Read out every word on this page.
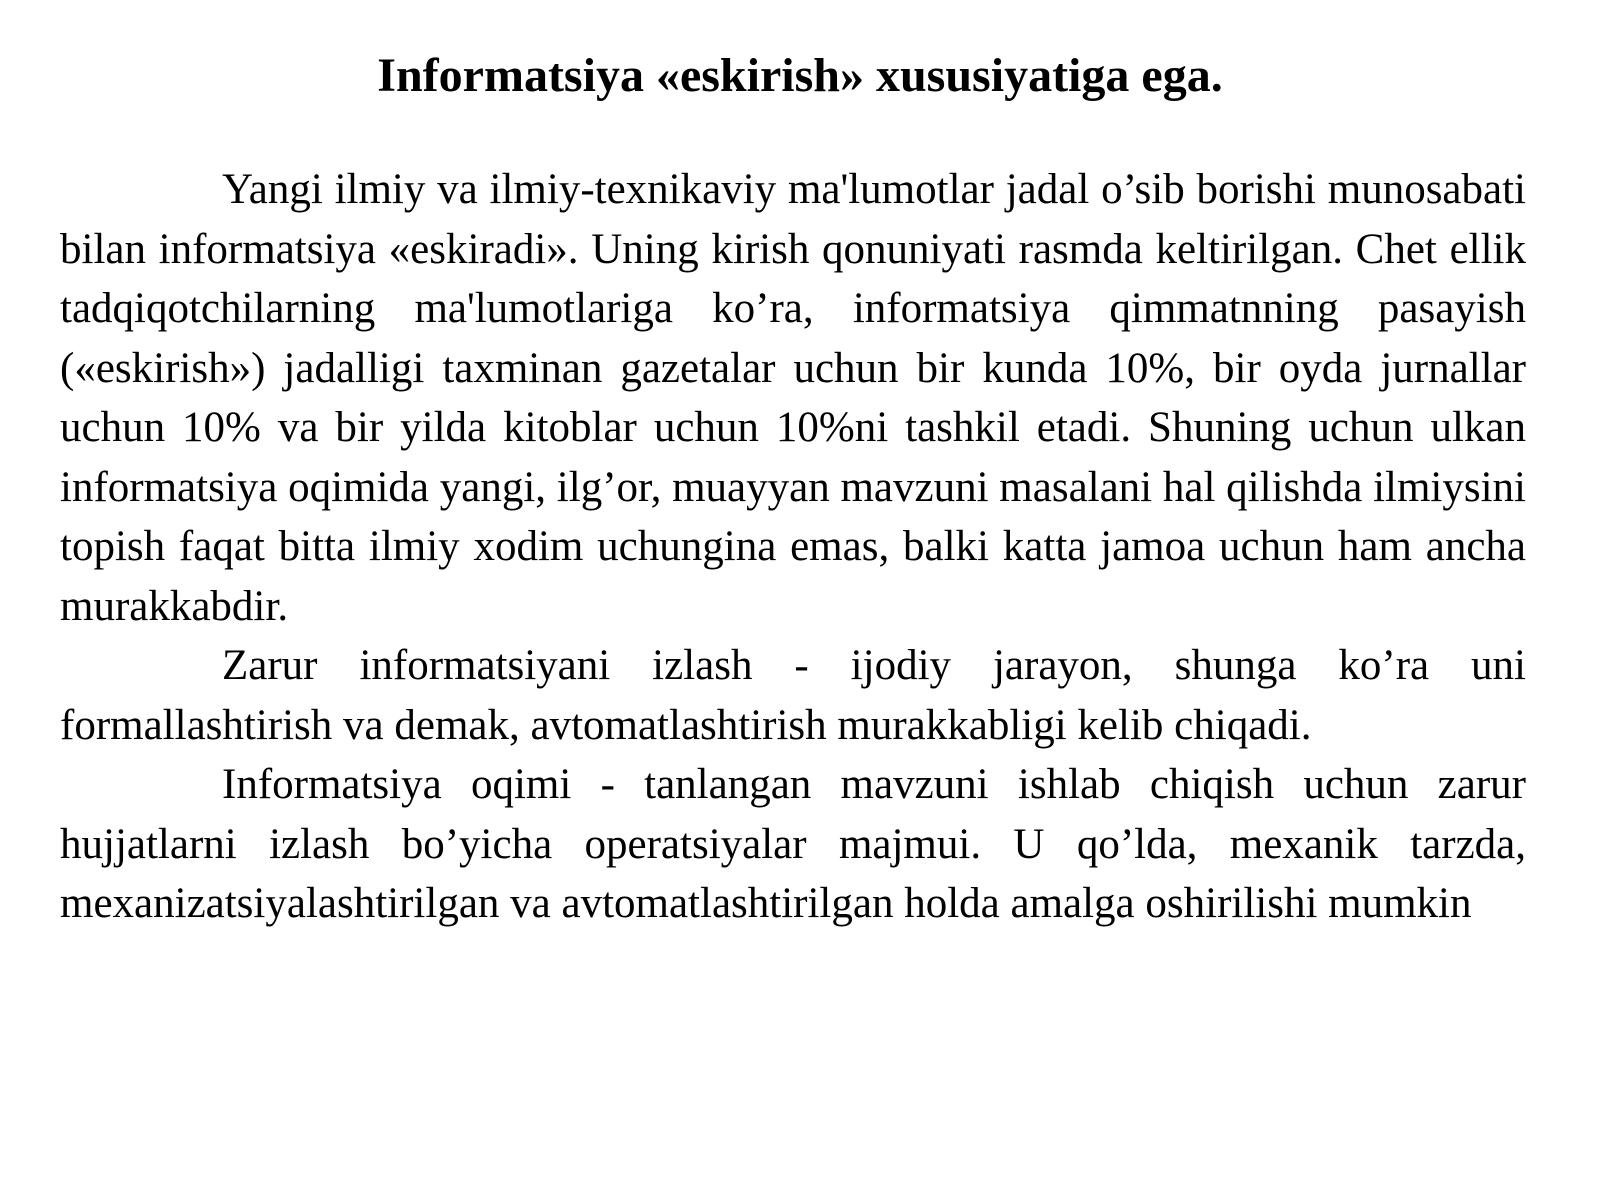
Informatsiya «eskirish» xususiyatiga ega.

Yangi ilmiy va ilmiy-texnikaviy ma'lumotlar jadal o’sib borishi munosabati bilan informatsiya «eskiradi». Uning kirish qonuniyati rasmda keltirilgan. Chet ellik tadqiqotchilarning ma'lumotlariga ko’ra, informatsiya qimmatnning pasayish («eskirish») jadalligi taxminan gazetalar uchun bir kunda 10%, bir oyda jurnallar uchun 10% va bir yilda kitoblar uchun 10%ni tashkil etadi. Shuning uchun ulkan informatsiya oqimida yangi, ilg’or, muayyan mavzuni masalani hal qilishda ilmiysini topish faqat bitta ilmiy xodim uchungina emas, balki katta jamoa uchun ham ancha murakkabdir.

Zarur informatsiyani izlash - ijodiy jarayon, shunga ko’ra uni formallashtirish va demak, avtomatlashtirish murakkabligi kelib chiqadi.

Informatsiya oqimi - tanlangan mavzuni ishlab chiqish uchun zarur hujjatlarni izlash bo’yicha operatsiyalar majmui. U qo’lda, mexanik tarzda, mexanizatsiyalashtirilgan va avtomatlashtirilgan holda amalga oshirilishi mumkin
